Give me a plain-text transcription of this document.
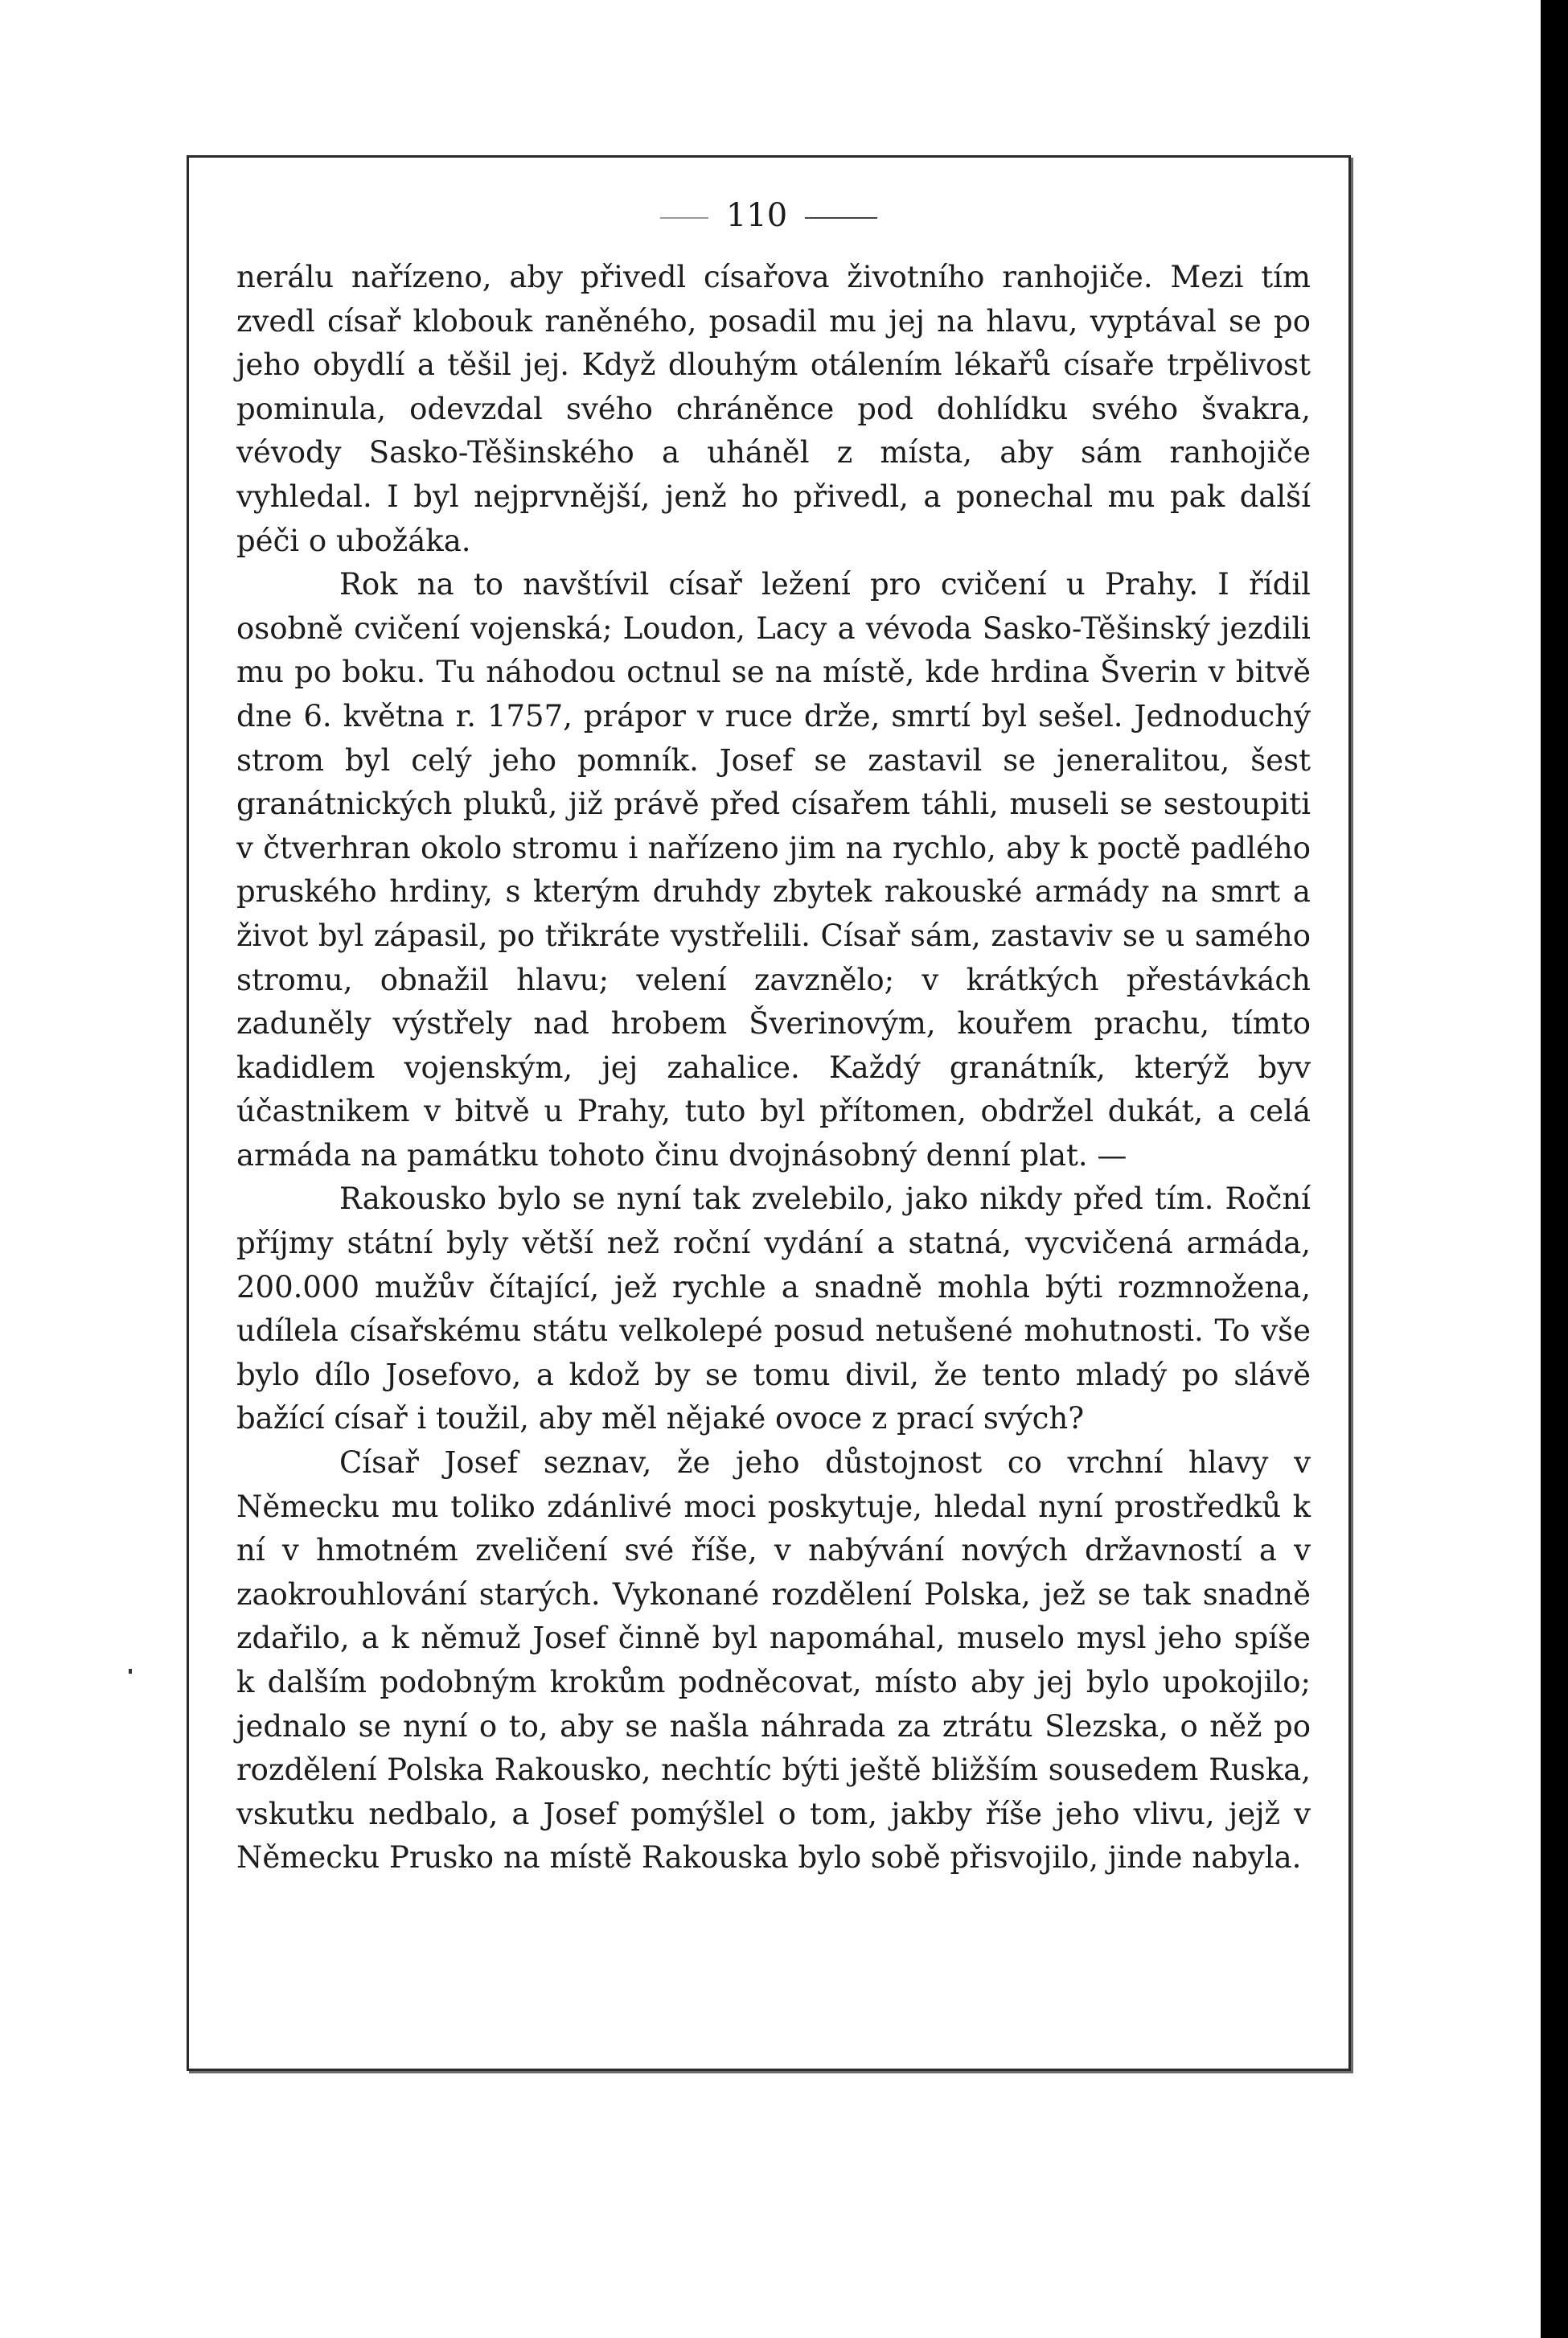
110

nerálu nařízeno, aby přivedl císařova životního ranhojiče. Mezi tím zvedl císař klobouk raněného, posadil mu jej na hlavu, vyptával se po jeho obydlí a těšil jej. Když dlouhým otálením lékařů císaře trpělivost pominula, odevzdal svého chráněnce pod dohlídku svého švakra, vévody Sasko-Těšinského a uháněl z místa, aby sám ranhojiče vyhledal. I byl nejprvnější, jenž ho přivedl, a ponechal mu pak další péči o ubožáka.

Rok na to navštívil císař ležení pro cvičení u Prahy. I řídil osobně cvičení vojenská; Loudon, Lacy a vévoda Sasko-Těšinský jezdili mu po boku. Tu náhodou octnul se na místě, kde hrdina Šverin v bitvě dne 6. května r. 1757, prápor v ruce drže, smrtí byl sešel. Jednoduchý strom byl celý jeho pomník. Josef se zastavil se jeneralitou, šest granátnických pluků, již právě před císařem táhli, museli se sestoupiti v čtverhran okolo stromu i nařízeno jim na rychlo, aby k poctě padlého pruského hrdiny, s kterým druhdy zbytek rakouské armády na smrt a život byl zápasil, po třikráte vystřelili. Císař sám, zastaviv se u samého stromu, obnažil hlavu; velení zavznělo; v krátkých přestávkách zaduněly výstřely nad hrobem Šverinovým, kouřem prachu, tímto kadidlem vojenským, jej zahalice. Každý granátník, kterýž byv účastnikem v bitvě u Prahy, tuto byl přítomen, obdržel dukát, a celá armáda na památku tohoto činu dvojnásobný denní plat. —

Rakousko bylo se nyní tak zvelebilo, jako nikdy před tím. Roční příjmy státní byly větší než roční vydání a statná, vycvičená armáda, 200.000 mužův čítající, jež rychle a snadně mohla býti rozmnožena, udílela císařskému státu velkolepé posud netušené mohutnosti. To vše bylo dílo Josefovo, a kdož by se tomu divil, že tento mladý po slávě bažící císař i toužil, aby měl nějaké ovoce z prací svých?

Císař Josef seznav, že jeho důstojnost co vrchní hlavy v Německu mu toliko zdánlivé moci poskytuje, hledal nyní prostředků k ní v hmotném zveličení své říše, v nabývání nových državností a v zaokrouhlování starých. Vykonané rozdělení Polska, jež se tak snadně zdařilo, a k němuž Josef činně byl napomáhal, muselo mysl jeho spíše k dalším podobným krokům podněcovat, místo aby jej bylo upokojilo; jednalo se nyní o to, aby se našla náhrada za ztrátu Slezska, o něž po rozdělení Polska Rakousko, nechtíc býti ještě bližším sousedem Ruska, vskutku nedbalo, a Josef pomýšlel o tom, jakby říše jeho vlivu, jejž v Německu Prusko na místě Rakouska bylo sobě přisvojilo, jinde nabyla.
